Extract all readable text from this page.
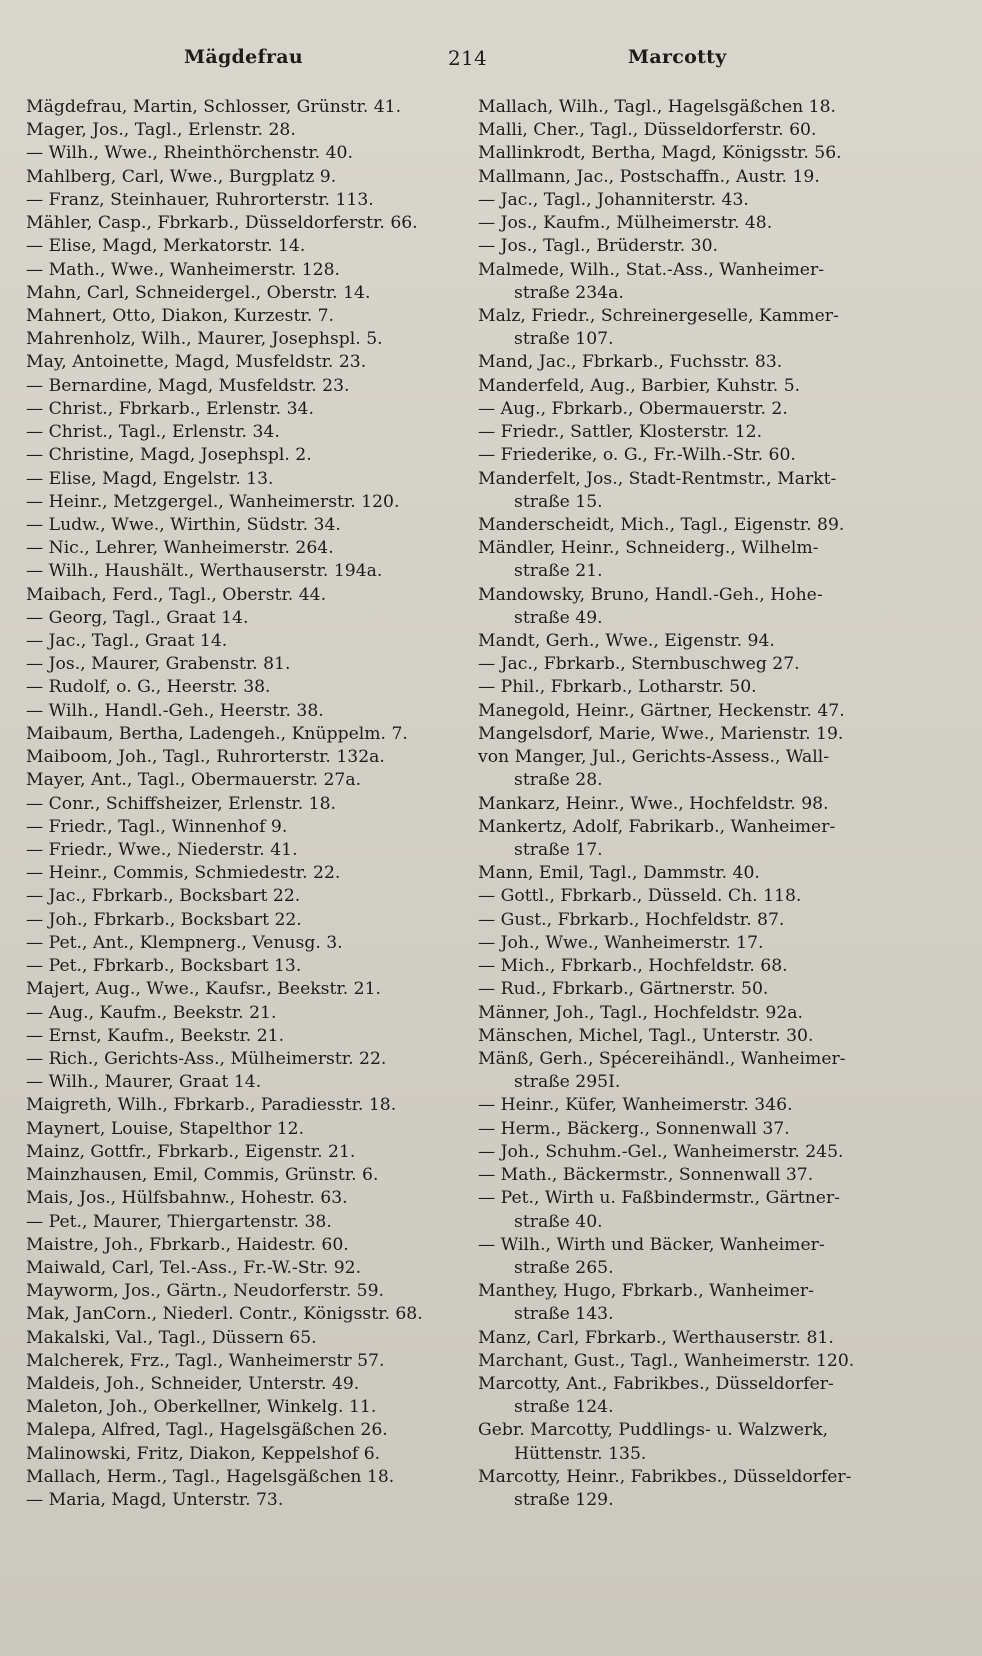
Mägdefrau	214	Marcotty
Mägdefrau, Martin, Schlosser, Grünstr. 41.
Mager, Jos., Tagl., Erlenstr. 28.
— Wilh., Wwe., Rheinthörchenstr. 40.
Mahlberg, Carl, Wwe., Burgplatz 9.
— Franz, Steinhauer, Ruhrorterstr. 113.
Mähler, Casp., Fbrkarb., Düsseldorferstr. 66.
— Elise, Magd, Merkatorstr. 14.
— Math., Wwe., Wanheimerstr. 128.
Mahn, Carl, Schneidergel., Oberstr. 14.
Mahnert, Otto, Diakon, Kurzestr. 7.
Mahrenholz, Wilh., Maurer, Josephspl. 5.
May, Antoinette, Magd, Musfeldstr. 23.
— Bernardine, Magd, Musfeldstr. 23.
— Christ., Fbrkarb., Erlenstr. 34.
— Christ., Tagl., Erlenstr. 34.
— Christine, Magd, Josephspl. 2.
— Elise, Magd, Engelstr. 13.
— Heinr., Metzgergel., Wanheimerstr. 120.
— Ludw., Wwe., Wirthin, Südstr. 34.
— Nic., Lehrer, Wanheimerstr. 264.
— Wilh., Haushält., Werthauserstr. 194a.
Maibach, Ferd., Tagl., Oberstr. 44.
— Georg, Tagl., Graat 14.
— Jac., Tagl., Graat 14.
— Jos., Maurer, Grabenstr. 81.
— Rudolf, o. G., Heerstr. 38.
— Wilh., Handl.-Geh., Heerstr. 38.
Maibaum, Bertha, Ladengeh., Knüppelm. 7.
Maiboom, Joh., Tagl., Ruhrorterstr. 132a.
Mayer, Ant., Tagl., Obermauerstr. 27a.
— Conr., Schiffsheizer, Erlenstr. 18.
— Friedr., Tagl., Winnenhof 9.
— Friedr., Wwe., Niederstr. 41.
— Heinr., Commis, Schmiedestr. 22.
— Jac., Fbrkarb., Bocksbart 22.
— Joh., Fbrkarb., Bocksbart 22.
— Pet., Ant., Klempnerg., Venusg. 3.
— Pet., Fbrkarb., Bocksbart 13.
Majert, Aug., Wwe., Kaufsr., Beekstr. 21.
— Aug., Kaufm., Beekstr. 21.
— Ernst, Kaufm., Beekstr. 21.
— Rich., Gerichts-Ass., Mülheimerstr. 22.
— Wilh., Maurer, Graat 14.
Maigreth, Wilh., Fbrkarb., Paradiesstr. 18.
Maynert, Louise, Stapelthor 12.
Mainz, Gottfr., Fbrkarb., Eigenstr. 21.
Mainzhausen, Emil, Commis, Grünstr. 6.
Mais, Jos., Hülfsbahnw., Hohestr. 63.
— Pet., Maurer, Thiergartenstr. 38.
Maistre, Joh., Fbrkarb., Haidestr. 60.
Maiwald, Carl, Tel.-Ass., Fr.-W.-Str. 92.
Mayworm, Jos., Gärtn., Neudorferstr. 59.
Mak, JanCorn., Niederl. Contr., Königsstr. 68.
Makalski, Val., Tagl., Düssern 65.
Malcherek, Frz., Tagl., Wanheimerstr 57.
Maldeis, Joh., Schneider, Unterstr. 49.
Maleton, Joh., Oberkellner, Winkelg. 11.
Malepa, Alfred, Tagl., Hagelsgäßchen 26.
Malinowski, Fritz, Diakon, Keppelshof 6.
Mallach, Herm., Tagl., Hagelsgäßchen 18.
— Maria, Magd, Unterstr. 73.
Mallach, Wilh., Tagl., Hagelsgäßchen 18.
Malli, Cher., Tagl., Düsseldorferstr. 60.
Mallinkrodt, Bertha, Magd, Königsstr. 56.
Mallmann, Jac., Postschaffn., Austr. 19.
— Jac., Tagl., Johanniterstr. 43.
— Jos., Kaufm., Mülheimerstr. 48.
— Jos., Tagl., Brüderstr. 30.
Malmede, Wilh., Stat.-Ass., Wanheimer-
straße 234a.
Malz, Friedr., Schreinergeselle, Kammer-
straße 107.
Mand, Jac., Fbrkarb., Fuchsstr. 83.
Manderfeld, Aug., Barbier, Kuhstr. 5.
— Aug., Fbrkarb., Obermauerstr. 2.
— Friedr., Sattler, Klosterstr. 12.
— Friederike, o. G., Fr.-Wilh.-Str. 60.
Manderfelt, Jos., Stadt-Rentmstr., Markt-
straße 15.
Manderscheidt, Mich., Tagl., Eigenstr. 89.
Mändler, Heinr., Schneiderg., Wilhelm-
straße 21.
Mandowsky, Bruno, Handl.-Geh., Hohe-
straße 49.
Mandt, Gerh., Wwe., Eigenstr. 94.
— Jac., Fbrkarb., Sternbuschweg 27.
— Phil., Fbrkarb., Lotharstr. 50.
Manegold, Heinr., Gärtner, Heckenstr. 47.
Mangelsdorf, Marie, Wwe., Marienstr. 19.
von Manger, Jul., Gerichts-Assess., Wall-
straße 28.
Mankarz, Heinr., Wwe., Hochfeldstr. 98.
Mankertz, Adolf, Fabrikarb., Wanheimer-
straße 17.
Mann, Emil, Tagl., Dammstr. 40.
— Gottl., Fbrkarb., Düsseld. Ch. 118.
— Gust., Fbrkarb., Hochfeldstr. 87.
— Joh., Wwe., Wanheimerstr. 17.
— Mich., Fbrkarb., Hochfeldstr. 68.
— Rud., Fbrkarb., Gärtnerstr. 50.
Männer, Joh., Tagl., Hochfeldstr. 92a.
Mänschen, Michel, Tagl., Unterstr. 30.
Mänß, Gerh., Spécereihändl., Wanheimer-
straße 295I.
— Heinr., Küfer, Wanheimerstr. 346.
— Herm., Bäckerg., Sonnenwall 37.
— Joh., Schuhm.-Gel., Wanheimerstr. 245.
— Math., Bäckermstr., Sonnenwall 37.
— Pet., Wirth u. Faßbindermstr., Gärtner-
straße 40.
— Wilh., Wirth und Bäcker, Wanheimer-
straße 265.
Manthey, Hugo, Fbrkarb., Wanheimer-
straße 143.
Manz, Carl, Fbrkarb., Werthauserstr. 81.
Marchant, Gust., Tagl., Wanheimerstr. 120.
Marcotty, Ant., Fabrikbes., Düsseldorfer-
straße 124.
Gebr. Marcotty, Puddlings- u. Walzwerk,
Hüttenstr. 135.
Marcotty, Heinr., Fabrikbes., Düsseldorfer-
straße 129.
